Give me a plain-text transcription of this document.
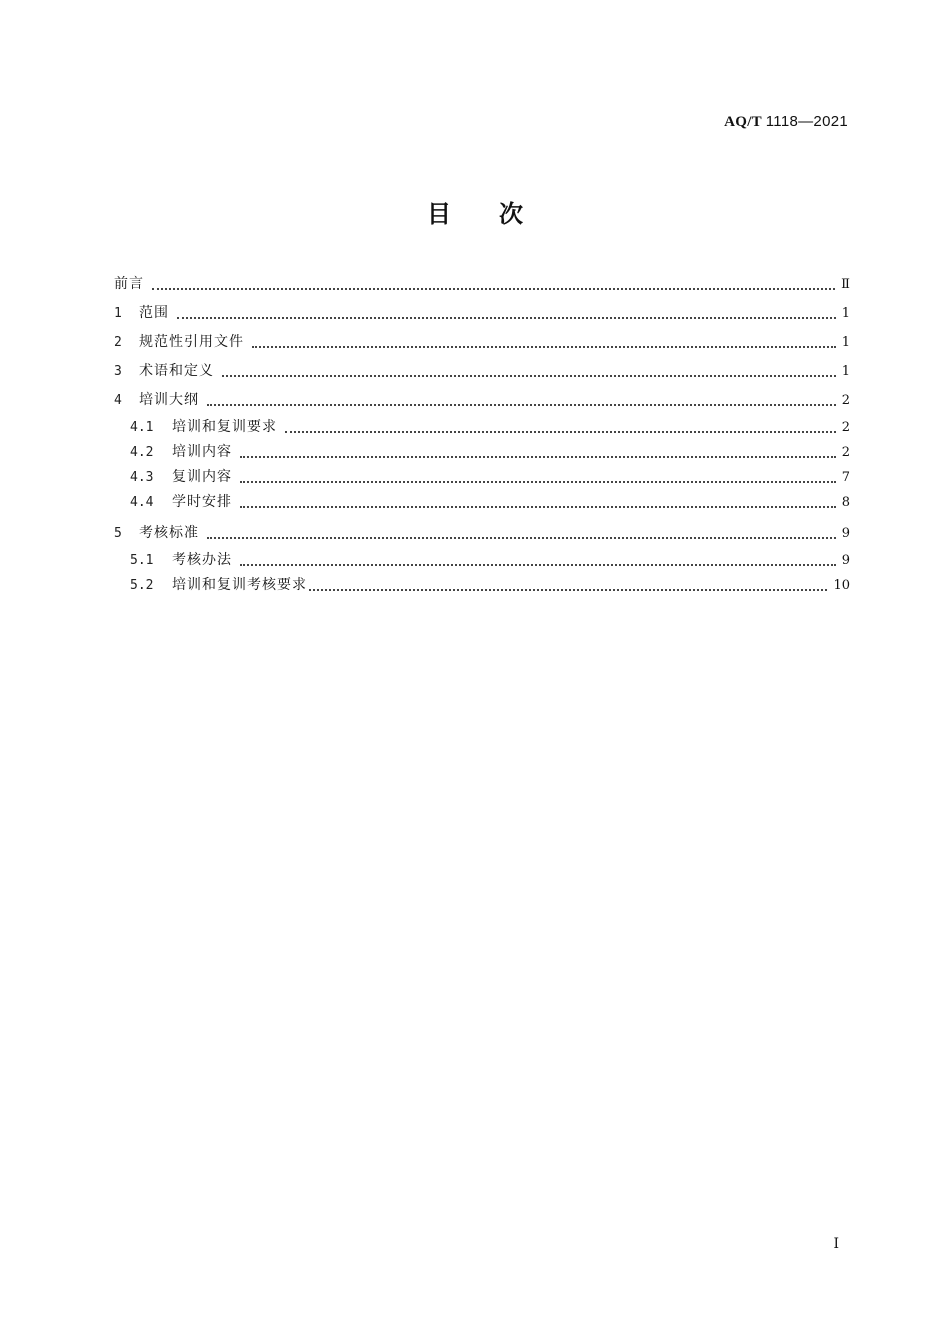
AQ/T 1118—2021
目次
前言	Ⅱ
1	范围	1
2	规范性引用文件	1
3	术语和定义	1
4	培训大纲	2
4.1	培训和复训要求	2
4.2	培训内容	2
4.3	复训内容	7
4.4	学时安排	8
5	考核标准	9
5.1	考核办法	9
5.2	培训和复训考核要求	10
Ⅰ
